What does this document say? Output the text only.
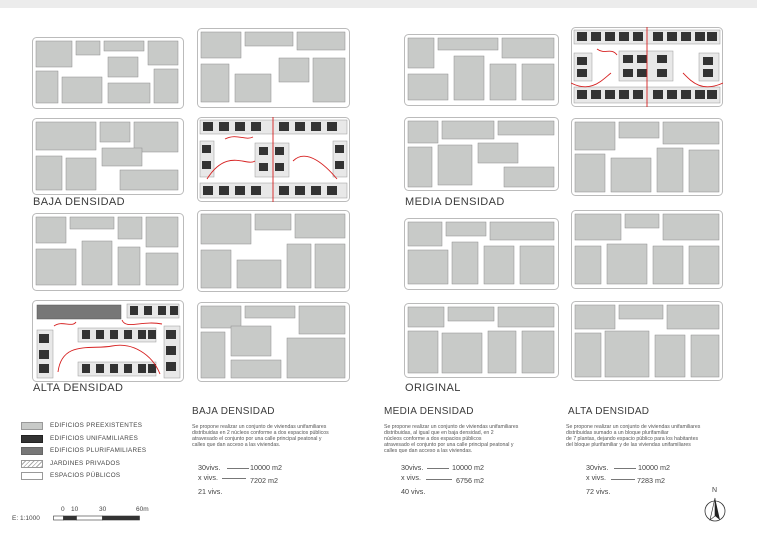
BAJA DENSIDAD
ALTA DENSIDAD
MEDIA DENSIDAD
ORIGINAL
BAJA DENSIDAD
Se propone realizar un conjunto de viviendas unifamiliares
distribuidas en 2 núcleos conforme a dos espacios públicos
atravesado el conjunto por una calle principal peatonal y
calles que dan acceso a las viviendas.
30vivs.	10000 m2
x vivs.	7202 m2
21 vivs.
MEDIA DENSIDAD
Se propone realizar un conjunto de viviendas unifamiliares
distribuidas, al igual que en baja densidad, en 2
núcleos conforme a dos espacios públicos
atravesado el conjunto por una calle principal peatonal y
calles que dan acceso a las viviendas.
30vivs.	10000 m2
x vivs.	6756 m2
40 vivs.
ALTA DENSIDAD
Se propone realizar un conjunto de viviendas unifamiliares
distribuidas sumado a un bloque plurifamiliar
de 7 plantas, dejando espacio público para los habitantes
del bloque plurifamiliar y de las viviendas unifamiliares
30vivs.	10000 m2
x vivs.	7283 m2
72 vivs.
EDIFICIOS PREEXISTENTES
EDIFICIOS UNIFAMILIARES
EDIFICIOS PLURIFAMILIARES
JARDINES PRIVADOS
ESPACIOS PÚBLICOS
0 10	30	60m
E: 1:1000
N
